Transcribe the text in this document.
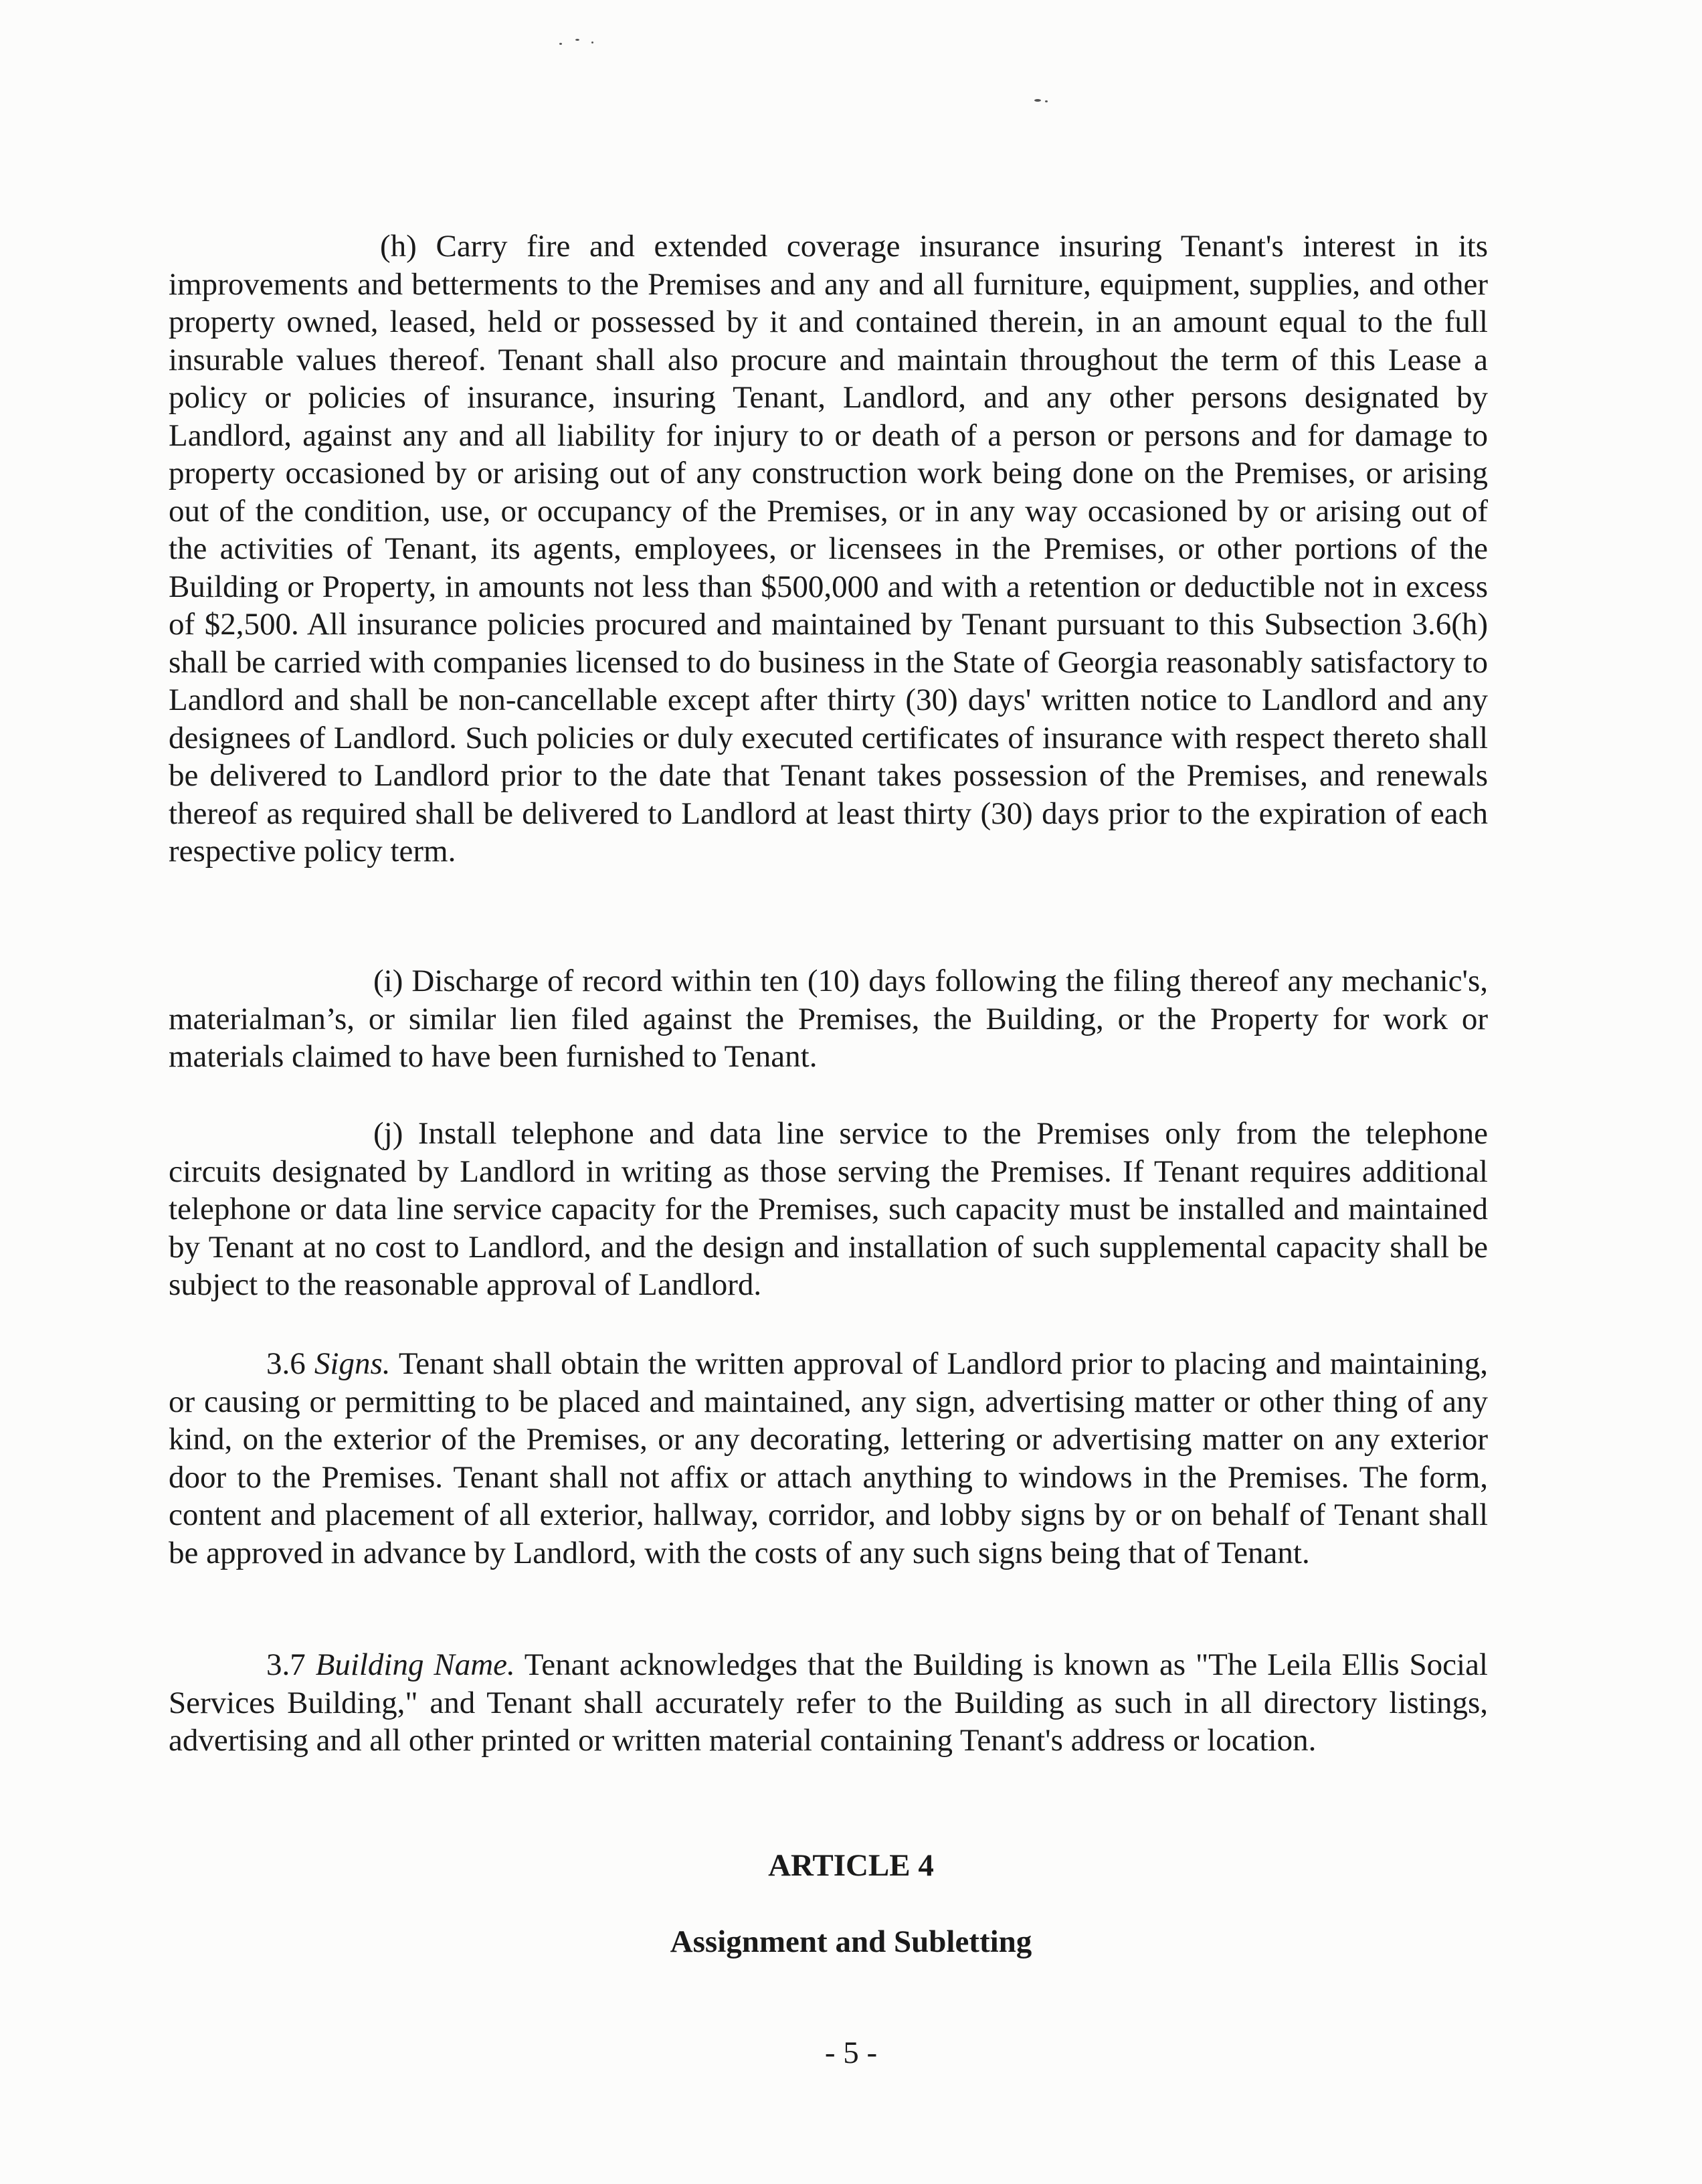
(h) Carry fire and extended coverage insurance insuring Tenant's interest in its improvements and betterments to the Premises and any and all furniture, equipment, supplies, and other property owned, leased, held or possessed by it and contained therein, in an amount equal to the full insurable values thereof. Tenant shall also procure and maintain throughout the term of this Lease a policy or policies of insurance, insuring Tenant, Landlord, and any other persons designated by Landlord, against any and all liability for injury to or death of a person or persons and for damage to property occasioned by or arising out of any construction work being done on the Premises, or arising out of the condition, use, or occupancy of the Premises, or in any way occasioned by or arising out of the activities of Tenant, its agents, employees, or licensees in the Premises, or other portions of the Building or Property, in amounts not less than $500,000 and with a retention or deductible not in excess of $2,500. All insurance policies procured and maintained by Tenant pursuant to this Subsection 3.6(h) shall be carried with companies licensed to do business in the State of Georgia reasonably satisfactory to Landlord and shall be non-cancellable except after thirty (30) days' written notice to Landlord and any designees of Landlord. Such policies or duly executed certificates of insurance with respect thereto shall be delivered to Landlord prior to the date that Tenant takes possession of the Premises, and renewals thereof as required shall be delivered to Landlord at least thirty (30) days prior to the expiration of each respective policy term.

(i) Discharge of record within ten (10) days following the filing thereof any mechanic's, materialman’s, or similar lien filed against the Premises, the Building, or the Property for work or materials claimed to have been furnished to Tenant.

(j) Install telephone and data line service to the Premises only from the telephone circuits designated by Landlord in writing as those serving the Premises. If Tenant requires additional telephone or data line service capacity for the Premises, such capacity must be installed and maintained by Tenant at no cost to Landlord, and the design and installation of such supplemental capacity shall be subject to the reasonable approval of Landlord.

3.6 Signs. Tenant shall obtain the written approval of Landlord prior to placing and maintaining, or causing or permitting to be placed and maintained, any sign, advertising matter or other thing of any kind, on the exterior of the Premises, or any decorating, lettering or advertising matter on any exterior door to the Premises. Tenant shall not affix or attach anything to windows in the Premises. The form, content and placement of all exterior, hallway, corridor, and lobby signs by or on behalf of Tenant shall be approved in advance by Landlord, with the costs of any such signs being that of Tenant.

3.7 Building Name. Tenant acknowledges that the Building is known as "The Leila Ellis Social Services Building," and Tenant shall accurately refer to the Building as such in all directory listings, advertising and all other printed or written material containing Tenant's address or location.

ARTICLE 4
Assignment and Subletting
- 5 -
